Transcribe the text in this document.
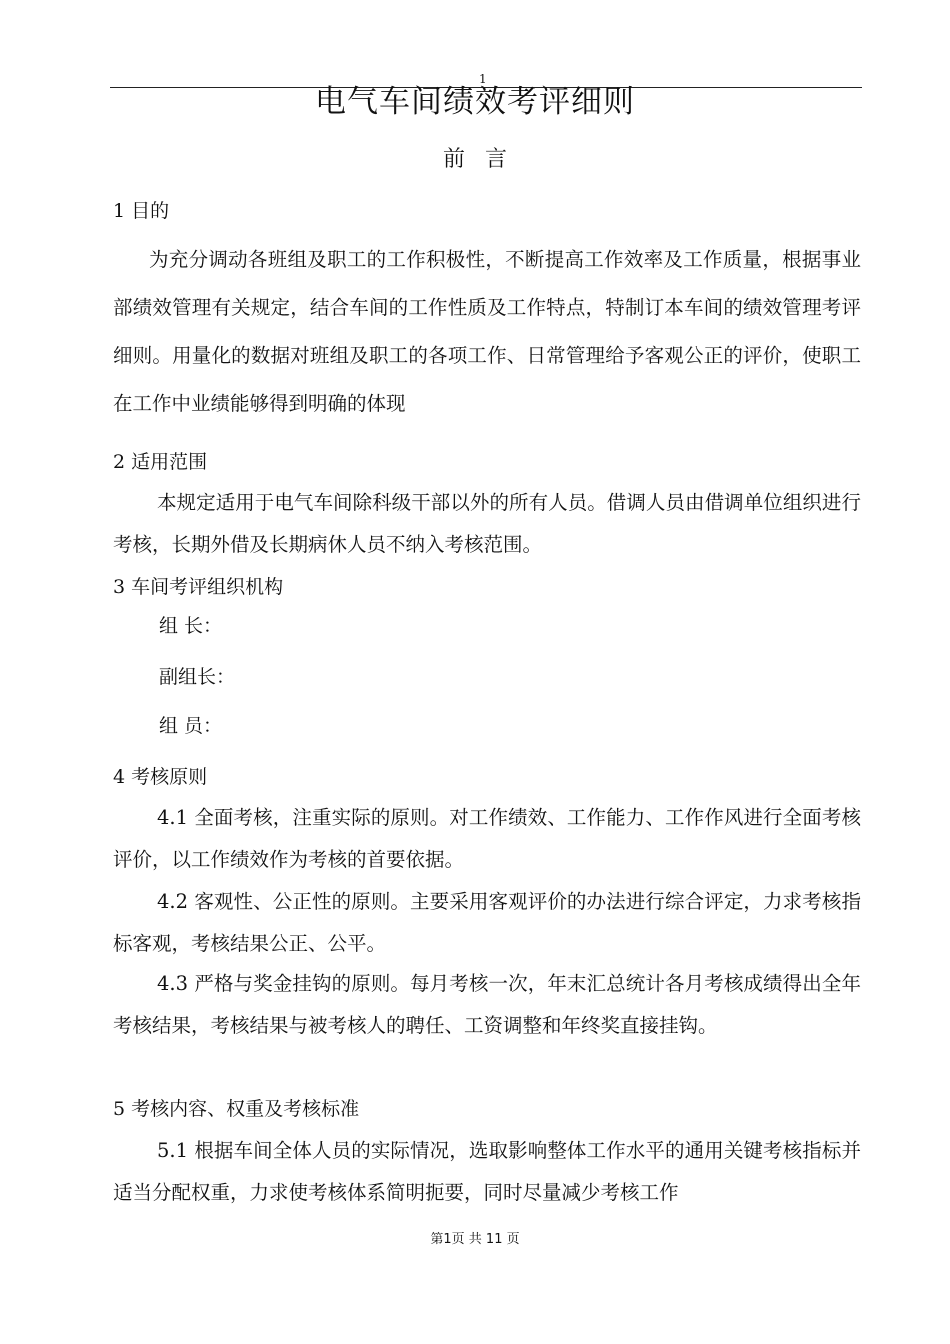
1
电气车间绩效考评细则
前言
1 目的
为充分调动各班组及职工的工作积极性，不断提高工作效率及工作质量，根据事业部绩效管理有关规定，结合车间的工作性质及工作特点，特制订本车间的绩效管理考评细则。用量化的数据对班组及职工的各项工作、日常管理给予客观公正的评价，使职工在工作中业绩能够得到明确的体现
2 适用范围
本规定适用于电气车间除科级干部以外的所有人员。借调人员由借调单位组织进行考核，长期外借及长期病休人员不纳入考核范围。
3 车间考评组织机构
组 长：
副组长：
组 员：
4 考核原则
4.1 全面考核，注重实际的原则。对工作绩效、工作能力、工作作风进行全面考核评价，以工作绩效作为考核的首要依据。
4.2 客观性、公正性的原则。主要采用客观评价的办法进行综合评定，力求考核指标客观，考核结果公正、公平。
4.3 严格与奖金挂钩的原则。每月考核一次，年末汇总统计各月考核成绩得出全年考核结果，考核结果与被考核人的聘任、工资调整和年终奖直接挂钩。
5 考核内容、权重及考核标准
5.1 根据车间全体人员的实际情况，选取影响整体工作水平的通用关键考核指标并适当分配权重，力求使考核体系简明扼要，同时尽量减少考核工作
第1页 共 11 页
